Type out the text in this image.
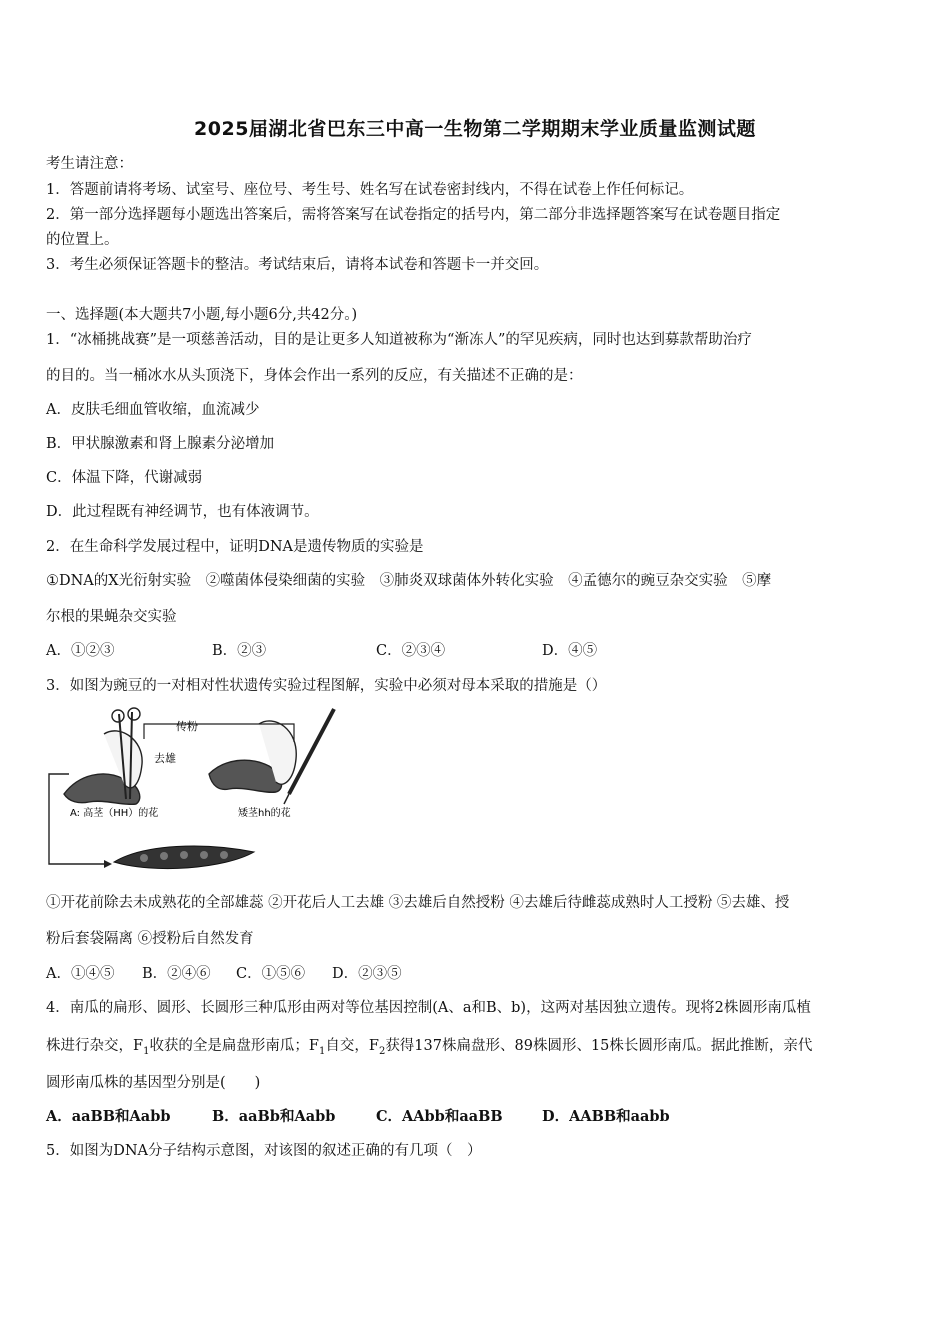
2025届湖北省巴东三中高一生物第二学期期末学业质量监测试题
考生请注意：
1．答题前请将考场、试室号、座位号、考生号、姓名写在试卷密封线内，不得在试卷上作任何标记。
2．第一部分选择题每小题选出答案后，需将答案写在试卷指定的括号内，第二部分非选择题答案写在试卷题目指定
的位置上。
3．考生必须保证答题卡的整洁。考试结束后，请将本试卷和答题卡一并交回。
一、选择题(本大题共7小题,每小题6分,共42分。)
1．“冰桶挑战赛”是一项慈善活动，目的是让更多人知道被称为“渐冻人”的罕见疾病，同时也达到募款帮助治疗
的目的。当一桶冰水从头顶浇下，身体会作出一系列的反应，有关描述不正确的是：
A．皮肤毛细血管收缩，血流减少
B．甲状腺激素和肾上腺素分泌增加
C．体温下降，代谢减弱
D．此过程既有神经调节，也有体液调节。
2．在生命科学发展过程中，证明DNA是遗传物质的实验是
①DNA的X光衍射实验　②噬菌体侵染细菌的实验　③肺炎双球菌体外转化实验　④孟德尔的豌豆杂交实验　⑤摩
尔根的果蝇杂交实验
A．①②③	B．②③	C．②③④	D．④⑤
3．如图为豌豆的一对相对性状遗传实验过程图解，实验中必须对母本采取的措施是（）
传粉
去雄
A: 高茎（HH）的花	矮茎hh的花
①开花前除去未成熟花的全部雄蕊 ②开花后人工去雄 ③去雄后自然授粉 ④去雄后待雌蕊成熟时人工授粉 ⑤去雄、授
粉后套袋隔离 ⑥授粉后自然发育
A．①④⑤ B．②④⑥ C．①⑤⑥ D．②③⑤
4．南瓜的扁形、圆形、长圆形三种瓜形由两对等位基因控制(A、a和B、b)，这两对基因独立遗传。现将2株圆形南瓜植
株进行杂交，$F_1$收获的全是扁盘形南瓜；$F_1$自交，$F_2$获得137株扁盘形、89株圆形、15株长圆形南瓜。据此推断，亲代
圆形南瓜株的基因型分别是(　　)
A．aaBB和Aabb	B．aaBb和Aabb	C．AAbb和aaBB	D．AABB和aabb
5．如图为DNA分子结构示意图，对该图的叙述正确的有几项（　）
